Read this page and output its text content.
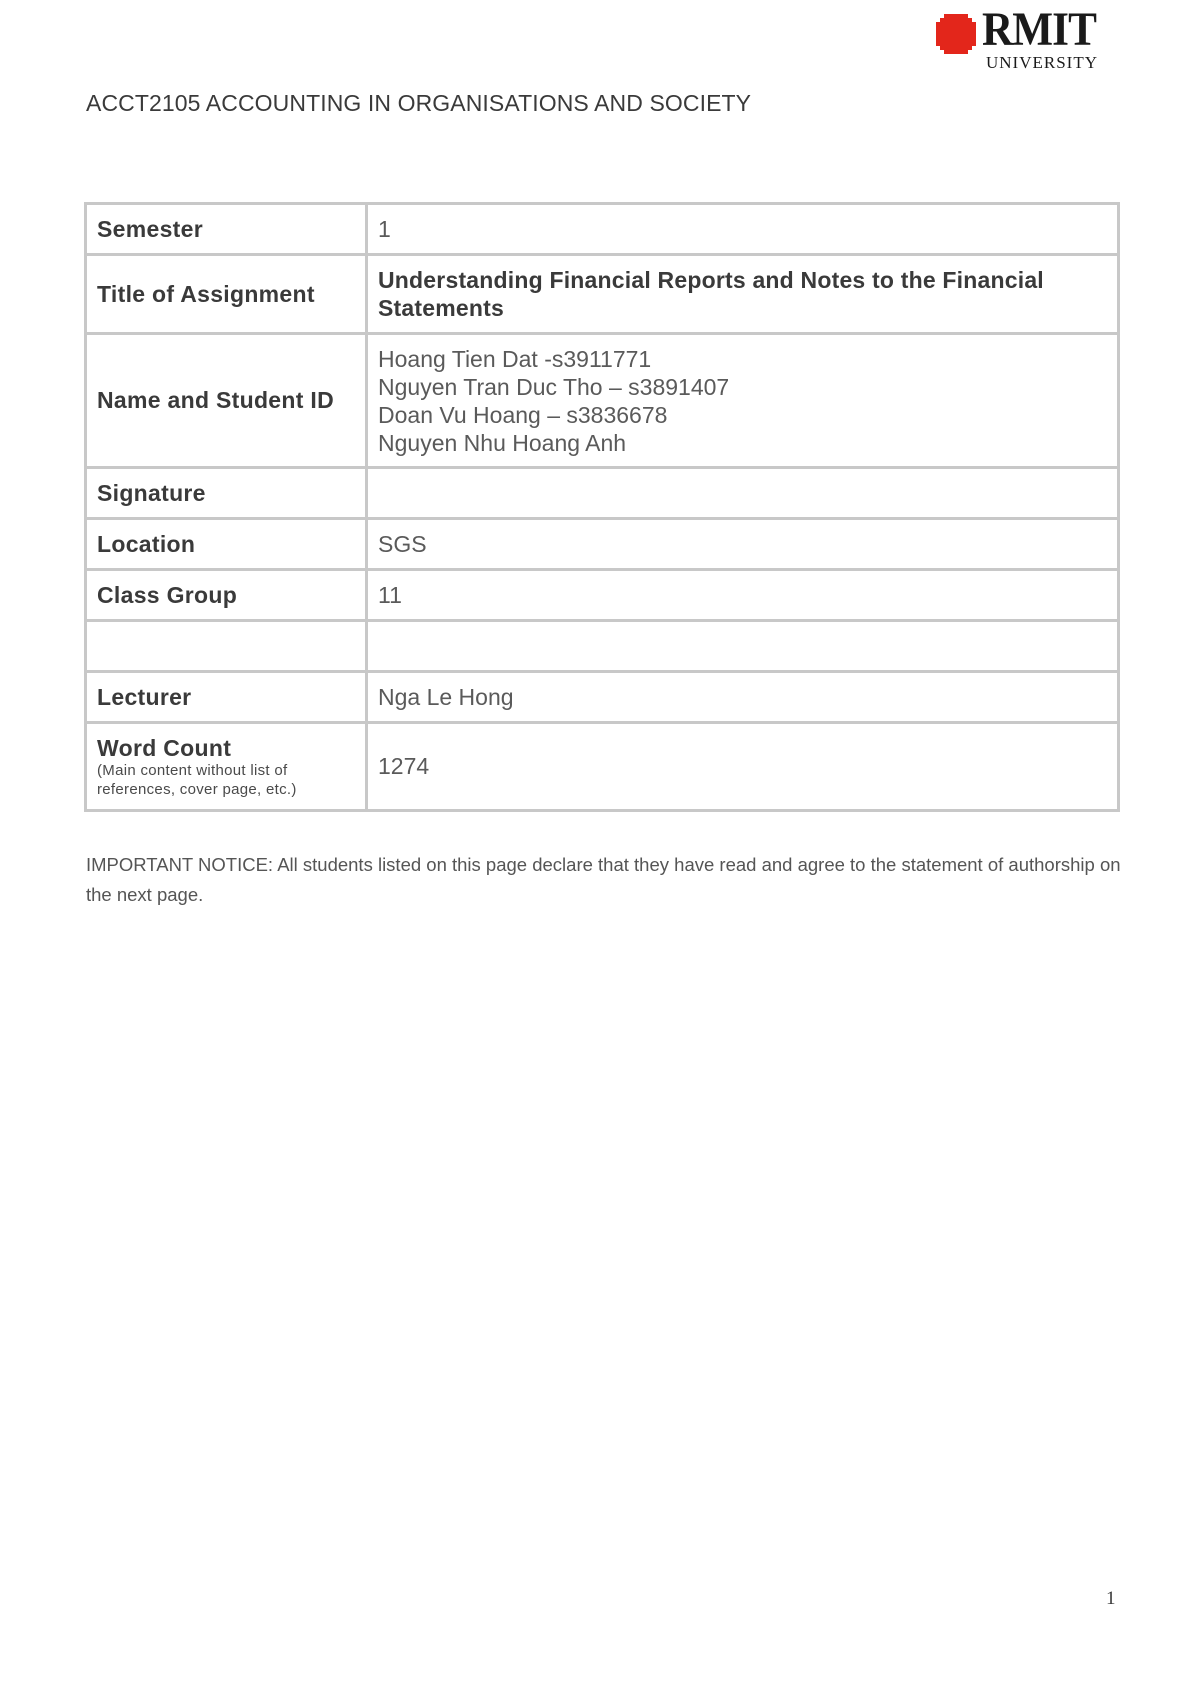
RMIT
UNIVERSITY
ACCT2105 ACCOUNTING IN ORGANISATIONS AND SOCIETY
Semester	1
Title of Assignment	Understanding Financial Reports and Notes to the Financial Statements
Name and Student ID	Hoang Tien Dat -s3911771
Nguyen Tran Duc Tho – s3891407
Doan Vu Hoang – s3836678
Nguyen Nhu Hoang Anh

Signature	
Location	SGS
Class Group	11

Lecturer	Nga Le Hong

Word Count
(Main content without list of references, cover page, etc.)	1274
IMPORTANT NOTICE: All students listed on this page declare that they have read and agree to the statement of authorship on the next page.
1
